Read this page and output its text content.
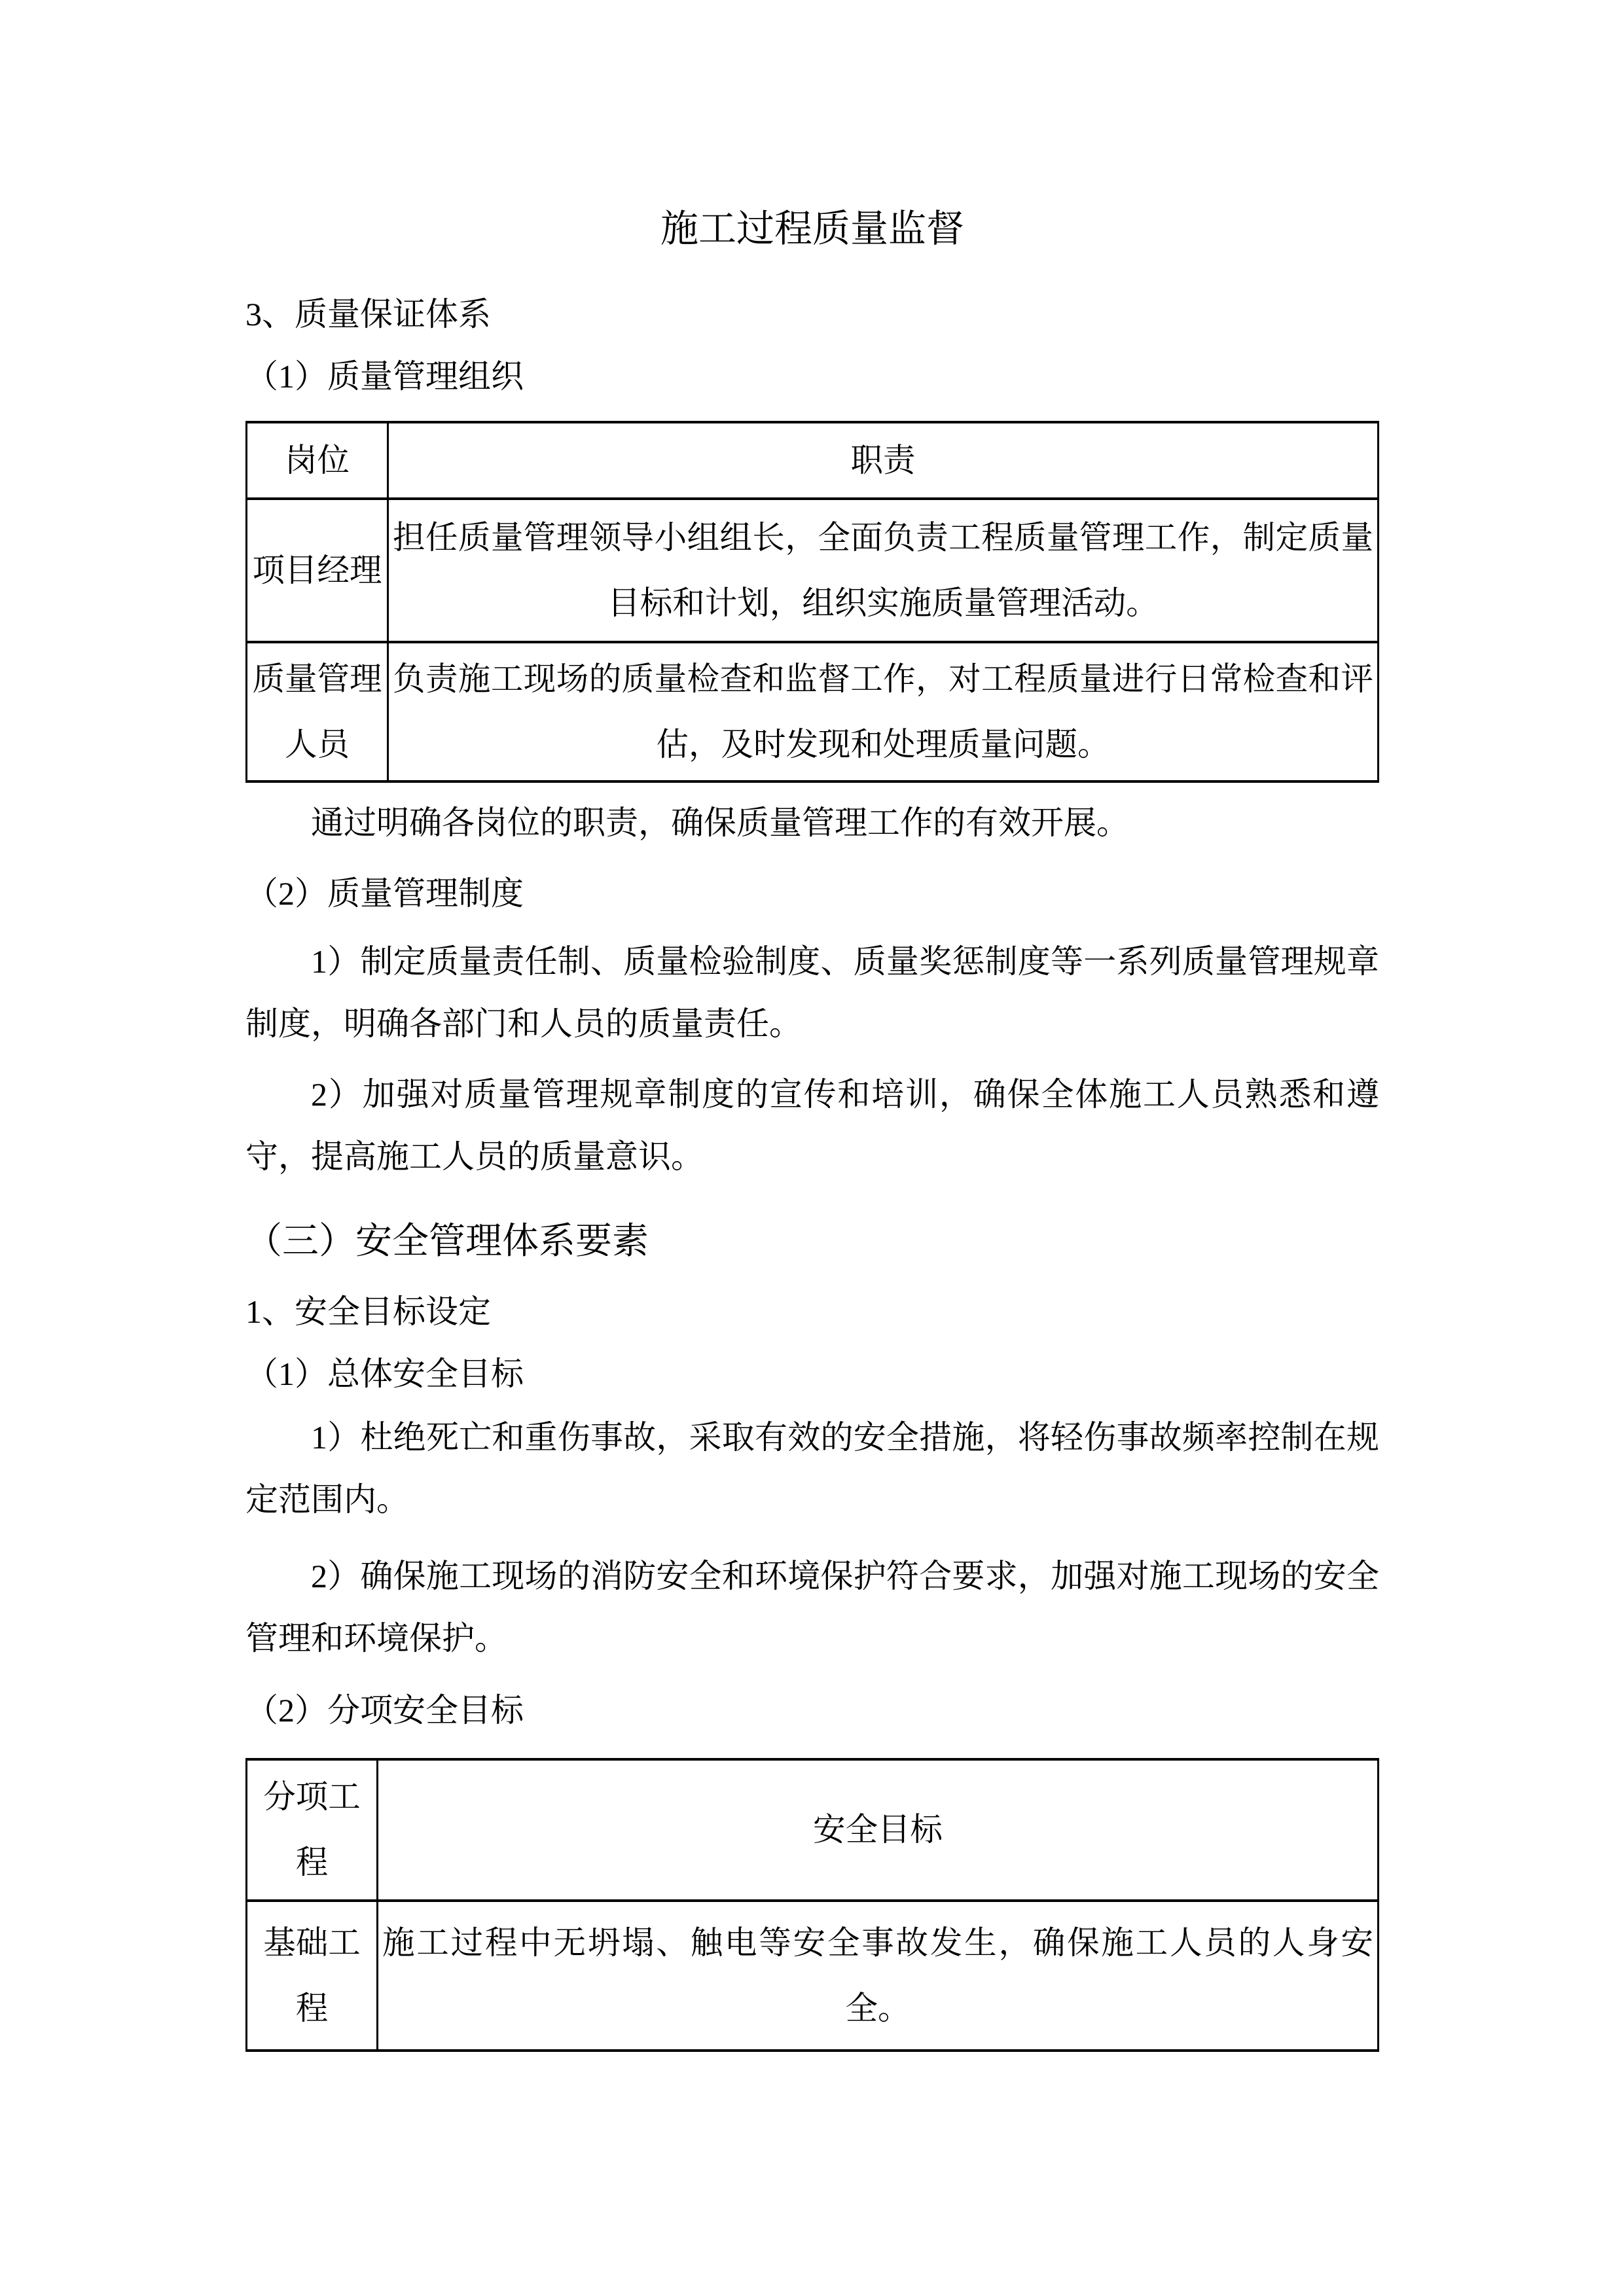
施工过程质量监督

3、质量保证体系

（1）质量管理组织

岗位	职责
项目经理	担任质量管理领导小组组长，全面负责工程质量管理工作，制定质量目标和计划，组织实施质量管理活动。
质量管理人员	负责施工现场的质量检查和监督工作，对工程质量进行日常检查和评估，及时发现和处理质量问题。

通过明确各岗位的职责，确保质量管理工作的有效开展。

（2）质量管理制度

1）制定质量责任制、质量检验制度、质量奖惩制度等一系列质量管理规章制度，明确各部门和人员的质量责任。

2）加强对质量管理规章制度的宣传和培训，确保全体施工人员熟悉和遵守，提高施工人员的质量意识。

（三）安全管理体系要素

1、安全目标设定

（1）总体安全目标

1）杜绝死亡和重伤事故，采取有效的安全措施，将轻伤事故频率控制在规定范围内。

2）确保施工现场的消防安全和环境保护符合要求，加强对施工现场的安全管理和环境保护。

（2）分项安全目标

分项工程	安全目标
基础工程	施工过程中无坍塌、触电等安全事故发生，确保施工人员的人身安全。
